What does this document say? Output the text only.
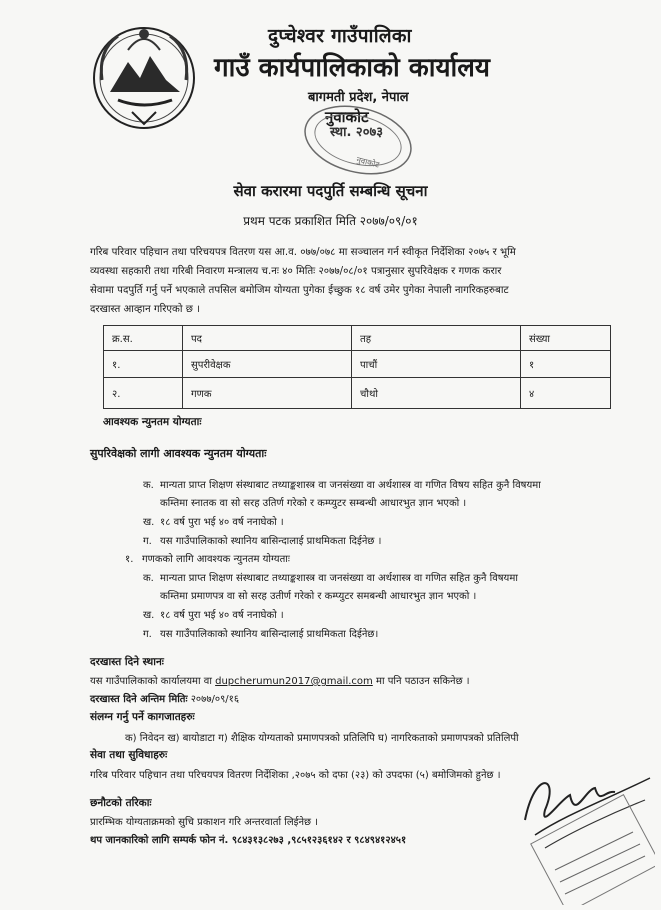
दुप्चेश्वर गाउँपालिका
गाउँ कार्यपालिकाको कार्यालय
बागमती प्रदेश, नेपाल
नुवाकोट
स्था. २०७३
नुवाकोट
सेवा करारमा पदपुर्ति सम्बन्धि सूचना
प्रथम पटक प्रकाशित मिति २०७७/०९/०१
गरिब परिवार पहिचान तथा परिचयपत्र वितरण यस आ.व. ०७७/०७८ मा सञ्चालन गर्न स्वीकृत निर्देशिका २०७५ र भूमि
व्यवस्था सहकारी तथा गरिबी निवारण मन्त्रालय च.नः ४० मितिः २०७७/०८/०१ पत्रानुसार सुपरिवेक्षक र गणक करार
सेवामा पदपुर्ति गर्नु पर्ने भएकाले तपसिल बमोजिम योग्यता पुगेका ईच्छुक १८ वर्ष उमेर पुगेका नेपाली नागरिकहरुबाट
दरखास्त आव्हान गरिएको छ ।
क्र.स.	पद	तह	संख्या
१.	सुपरीवेक्षक	पाचौं	१
२.	गणक	चौथो	४
आवश्यक न्युनतम योग्यताः
सुपरिवेक्षको लागी आवश्यक न्युनतम योग्यताः
क. मान्यता प्राप्त शिक्षण संस्थाबाट तथ्याङ्कशास्त्र वा जनसंख्या वा अर्थशास्त्र वा गणित विषय सहित कुनै विषयमा
कम्तिमा स्नातक वा सो सरह उतिर्ण गरेको र कम्प्युटर सम्बन्धी आधारभुत ज्ञान भएको ।
ख. १८ वर्ष पुरा भई ४० वर्ष ननाघेको ।
ग. यस गाउँपालिकाको स्थानिय बासिन्दालाई प्राथमिकता दिईनेछ ।
१. गणकको लागि आवश्यक न्युनतम योग्यताः
क. मान्यता प्राप्त शिक्षण संस्थाबाट तथ्याङ्कशास्त्र वा जनसंख्या वा अर्थशास्त्र वा गणित सहित कुनै विषयमा
कम्तिमा प्रमाणपत्र वा सो सरह उतीर्ण गरेको र कम्प्युटर समबन्धी आधारभुत ज्ञान भएको ।
ख. १८ वर्ष पुरा भई ४० वर्ष ननाघेको ।
ग. यस गाउँपालिकाको स्थानिय बासिन्दालाई प्राथमिकता दिईनेछ।
दरखास्त दिने स्थानः
यस गाउँपालिकाको कार्यालयमा वा dupcherumun2017@gmail.com मा पनि पठाउन सकिनेछ ।
दरखास्त दिने अन्तिम मितिः २०७७/०९/१६
संलग्न गर्नु पर्ने कागजातहरुः
क) निवेदन ख) बायोडाटा ग) शैक्षिक योग्यताको प्रमाणपत्रको प्रतिलिपि घ) नागरिकताको प्रमाणपत्रको प्रतिलिपी
सेवा तथा सुविधाहरुः
गरिब परिवार पहिचान तथा परिचयपत्र वितरण निर्देशिका ,२०७५ को दफा (२३) को उपदफा (५) बमोजिमको हुनेछ ।
छनौटको तरिकाः
प्रारम्भिक योग्यताक्रमको सुचि प्रकाशन गरि अन्तरवार्ता लिईनेछ ।
थप जानकारिको लागि सम्पर्क फोन नं. ९८४३१३८२७३ ,९८५१२३६१४२ र ९८४९४१२४५१
